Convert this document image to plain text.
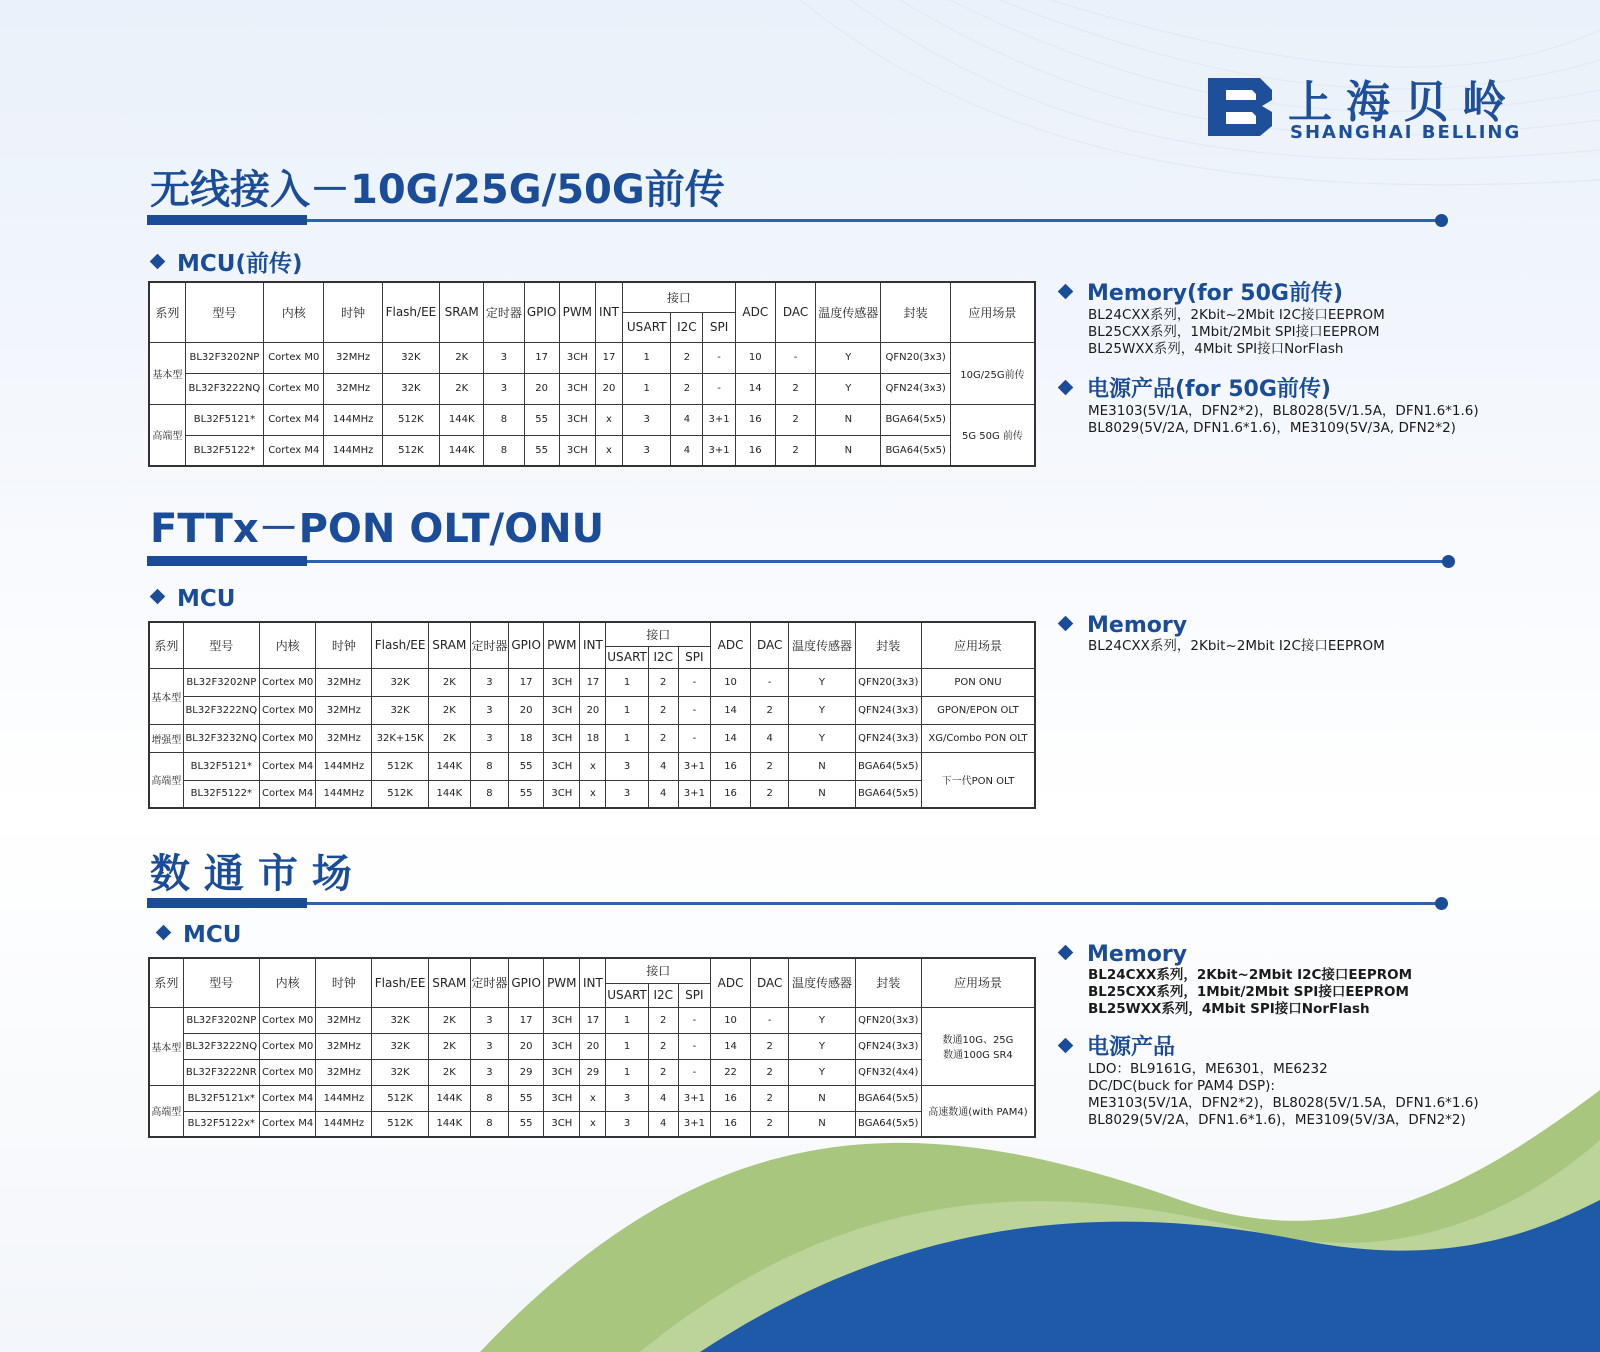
上海贝岭
SHANGHAI BELLING
无线接入－10G/25G/50G前传
MCU(前传)
系列	型号	内核	时钟	Flash/EE	SRAM	定时器	GPIO	PWM	INT	接口			ADC	DAC	温度传感器	封装	应用场景
										USART	I2C	SPI					
基本型	BL32F3202NP	Cortex M0	32MHz	32K	2K	3	17	3CH	17	1	2	-	10	-	Y	QFN20(3x3)	10G/25G前传
	BL32F3222NQ	Cortex M0	32MHz	32K	2K	3	20	3CH	20	1	2	-	14	2	Y	QFN24(3x3)	
高端型	BL32F5121*	Cortex M4	144MHz	512K	144K	8	55	3CH	x	3	4	3+1	16	2	N	BGA64(5x5)	5G 50G 前传
	BL32F5122*	Cortex M4	144MHz	512K	144K	8	55	3CH	x	3	4	3+1	16	2	N	BGA64(5x5)	
Memory(for 50G前传)
BL24CXX系列，2Kbit~2Mbit I2C接口EEPROM
BL25CXX系列，1Mbit/2Mbit SPI接口EEPROM
BL25WXX系列，4Mbit SPI接口NorFlash
电源产品(for 50G前传)
ME3103(5V/1A，DFN2*2)，BL8028(5V/1.5A，DFN1.6*1.6)
BL8029(5V/2A, DFN1.6*1.6)，ME3109(5V/3A, DFN2*2)
FTTx－PON OLT/ONU
MCU
系列	型号	内核	时钟	Flash/EE	SRAM	定时器	GPIO	PWM	INT	接口			ADC	DAC	温度传感器	封装	应用场景
										USART	I2C	SPI					
基本型	BL32F3202NP	Cortex M0	32MHz	32K	2K	3	17	3CH	17	1	2	-	10	-	Y	QFN20(3x3)	PON ONU
	BL32F3222NQ	Cortex M0	32MHz	32K	2K	3	20	3CH	20	1	2	-	14	2	Y	QFN24(3x3)	GPON/EPON OLT
增强型	BL32F3232NQ	Cortex M0	32MHz	32K+15K	2K	3	18	3CH	18	1	2	-	14	4	Y	QFN24(3x3)	XG/Combo PON OLT
高端型	BL32F5121*	Cortex M4	144MHz	512K	144K	8	55	3CH	x	3	4	3+1	16	2	N	BGA64(5x5)	下一代PON OLT
	BL32F5122*	Cortex M4	144MHz	512K	144K	8	55	3CH	x	3	4	3+1	16	2	N	BGA64(5x5)	
Memory
BL24CXX系列，2Kbit~2Mbit I2C接口EEPROM
数 通 市 场
MCU
系列	型号	内核	时钟	Flash/EE	SRAM	定时器	GPIO	PWM	INT	接口			ADC	DAC	温度传感器	封装	应用场景
										USART	I2C	SPI					
基本型	BL32F3202NP	Cortex M0	32MHz	32K	2K	3	17	3CH	17	1	2	-	10	-	Y	QFN20(3x3)	数通10G、25G
数通100G SR4

	BL32F3222NQ	Cortex M0	32MHz	32K	2K	3	20	3CH	20	1	2	-	14	2	Y	QFN24(3x3)	
	BL32F3222NR	Cortex M0	32MHz	32K	2K	3	29	3CH	29	1	2	-	22	2	Y	QFN32(4x4)	
高端型	BL32F5121x*	Cortex M4	144MHz	512K	144K	8	55	3CH	x	3	4	3+1	16	2	N	BGA64(5x5)	高速数通(with PAM4)
	BL32F5122x*	Cortex M4	144MHz	512K	144K	8	55	3CH	x	3	4	3+1	16	2	N	BGA64(5x5)	
Memory
BL24CXX系列，2Kbit~2Mbit I2C接口EEPROM
BL25CXX系列，1Mbit/2Mbit SPI接口EEPROM
BL25WXX系列，4Mbit SPI接口NorFlash
电源产品
LDO：BL9161G，ME6301，ME6232
DC/DC(buck for PAM4 DSP):
ME3103(5V/1A，DFN2*2)，BL8028(5V/1.5A，DFN1.6*1.6)
BL8029(5V/2A，DFN1.6*1.6)，ME3109(5V/3A，DFN2*2)
